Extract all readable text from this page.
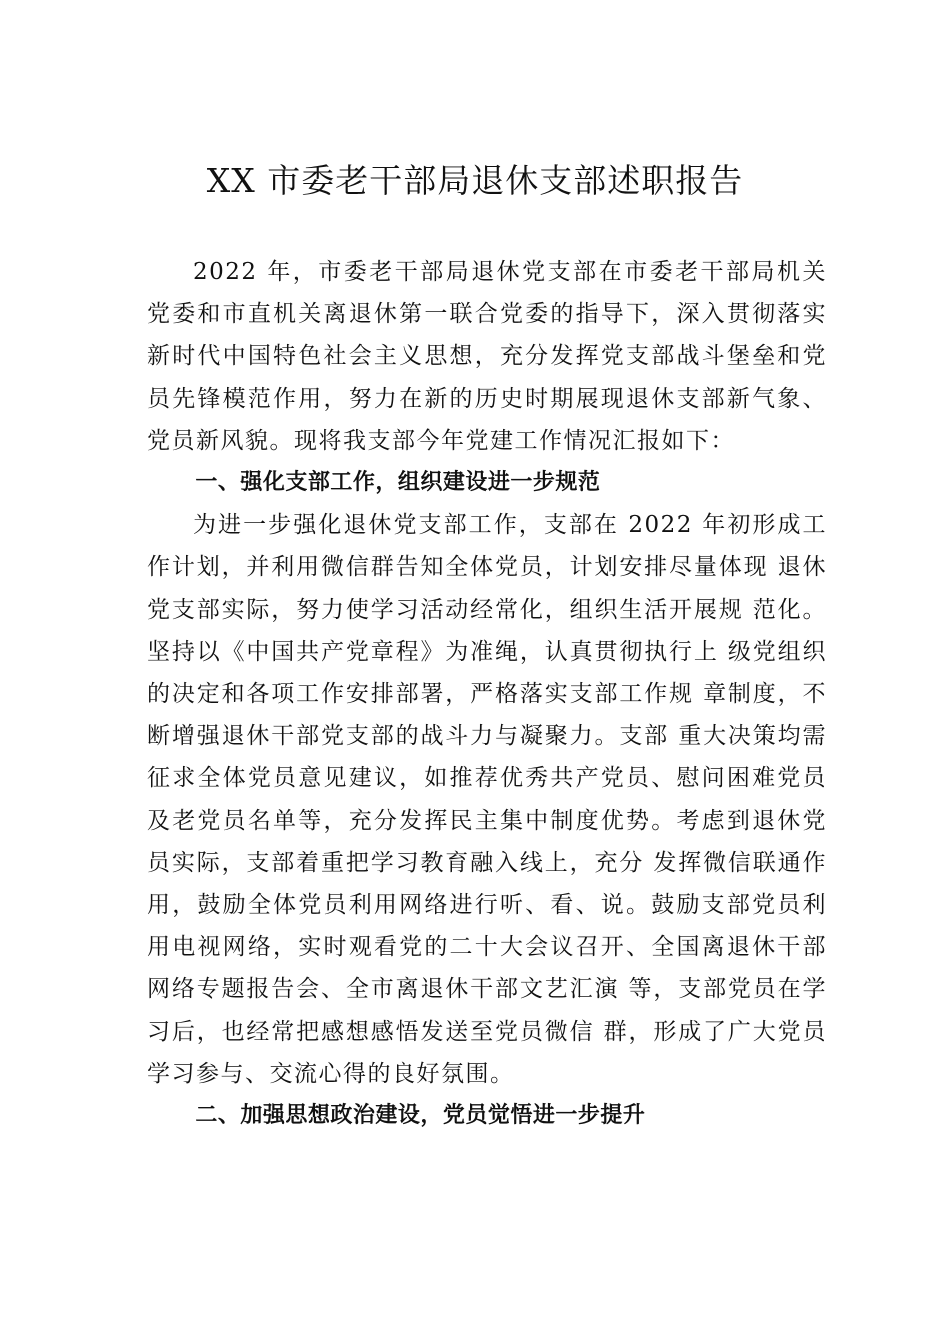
XX 市委老干部局退休支部述职报告

2022 年，市委老干部局退休党支部在市委老干部局机关党委和市直机关离退休第一联合党委的指导下，深入贯彻落实新时代中国特色社会主义思想，充分发挥党支部战斗堡垒和党员先锋模范作用，努力在新的历史时期展现退休支部新气象、党员新风貌。现将我支部今年党建工作情况汇报如下：

一、强化支部工作，组织建设进一步规范

为进一步强化退休党支部工作，支部在 2022 年初形成工作计划，并利用微信群告知全体党员，计划安排尽量体现 退休党支部实际，努力使学习活动经常化，组织生活开展规 范化。坚持以《中国共产党章程》为准绳，认真贯彻执行上 级党组织的决定和各项工作安排部署，严格落实支部工作规 章制度，不断增强退休干部党支部的战斗力与凝聚力。支部 重大决策均需征求全体党员意见建议，如推荐优秀共产党员、慰问困难党员及老党员名单等，充分发挥民主集中制度优势。考虑到退休党员实际，支部着重把学习教育融入线上，充分 发挥微信联通作用，鼓励全体党员利用网络进行听、看、说。鼓励支部党员利用电视网络，实时观看党的二十大会议召开、全国离退休干部网络专题报告会、全市离退休干部文艺汇演 等，支部党员在学习后，也经常把感想感悟发送至党员微信 群，形成了广大党员学习参与、交流心得的良好氛围。

二、加强思想政治建设，党员觉悟进一步提升
